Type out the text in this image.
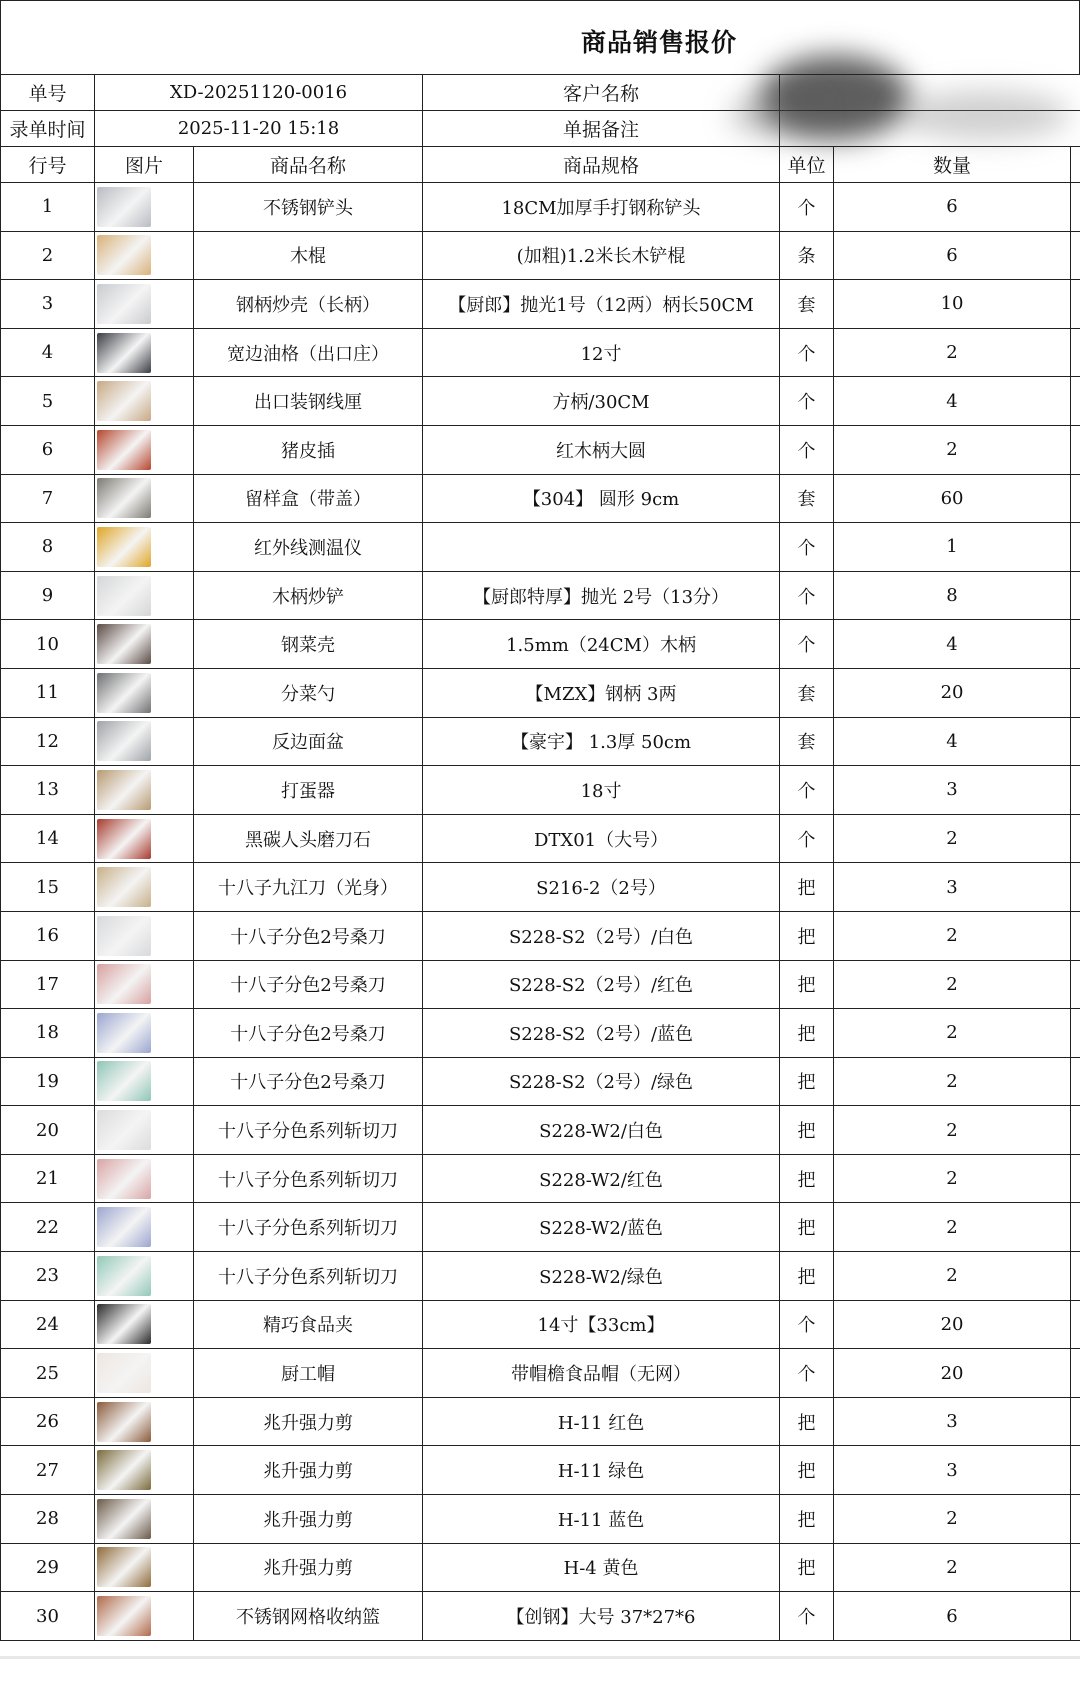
商品销售报价
单号	XD-20251120-0016		客户名称			
录单时间	2025-11-20 15:18		单据备注			
行号	图片	商品名称	商品规格	单位	数量	
1		不锈钢铲头	18CM加厚手打钢称铲头	个	6	
2		木棍	(加粗)1.2米长木铲棍	条	6	
3		钢柄炒壳（长柄）	【厨郎】抛光1号（12两）柄长50CM	套	10	
4		宽边油格（出口庄）	12寸	个	2	
5		出口装钢线厘	方柄/30CM	个	4	
6		猪皮插	红木柄大圆	个	2	
7		留样盒（带盖）	【304】 圆形 9cm	套	60	
8		红外线测温仪		个	1	
9		木柄炒铲	【厨郎特厚】抛光 2号（13分）	个	8	
10		钢菜壳	1.5mm（24CM）木柄	个	4	
11		分菜勺	【MZX】钢柄 3两	套	20	
12		反边面盆	【豪宇】 1.3厚 50cm	套	4	
13		打蛋器	18寸	个	3	
14		黑碳人头磨刀石	DTX01（大号）	个	2	
15		十八子九江刀（光身）	S216-2（2号）	把	3	
16		十八子分色2号桑刀	S228-S2（2号）/白色	把	2	
17		十八子分色2号桑刀	S228-S2（2号）/红色	把	2	
18		十八子分色2号桑刀	S228-S2（2号）/蓝色	把	2	
19		十八子分色2号桑刀	S228-S2（2号）/绿色	把	2	
20		十八子分色系列斩切刀	S228-W2/白色	把	2	
21		十八子分色系列斩切刀	S228-W2/红色	把	2	
22		十八子分色系列斩切刀	S228-W2/蓝色	把	2	
23		十八子分色系列斩切刀	S228-W2/绿色	把	2	
24		精巧食品夹	14寸【33cm】	个	20	
25		厨工帽	带帽檐食品帽（无网）	个	20	
26		兆升强力剪	H-11 红色	把	3	
27		兆升强力剪	H-11 绿色	把	3	
28		兆升强力剪	H-11 蓝色	把	2	
29		兆升强力剪	H-4 黄色	把	2	
30		不锈钢网格收纳篮	【创钢】大号 37*27*6	个	6	
